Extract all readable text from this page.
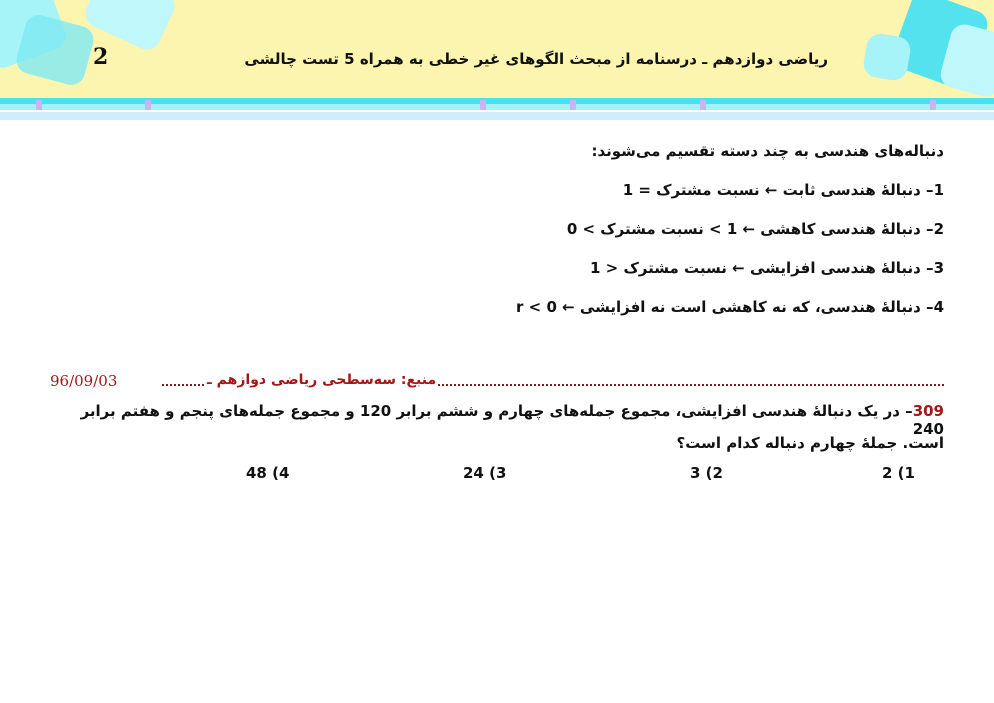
2	ریاضی دوازدهم ـ درسنامه از مبحث الگوهای غیر خطی به همراه 5 تست چالشی
دنباله‌های هندسی به چند دسته تقسیم می‌شوند:
1– دنبالهٔ هندسی ثابت ← نسبت مشترک = 1
2– دنبالهٔ هندسی کاهشی ← 1 > نسبت مشترک > 0
3– دنبالهٔ هندسی افزایشی ← نسبت مشترک < 1
4– دنبالهٔ هندسی، که نه کاهشی است نه افزایشی ← 0 > r
96/09/03	منبع: سه‌سطحی ریاضی دوازهم ـ
309– در یک دنبالهٔ هندسی افزایشی، مجموع جمله‌های چهارم و ششم برابر 120 و مجموع جمله‌های پنجم و هفتم برابر 240
است. جملهٔ چهارم دنباله کدام است؟
2 (1
3 (2
24 (3
48 (4
